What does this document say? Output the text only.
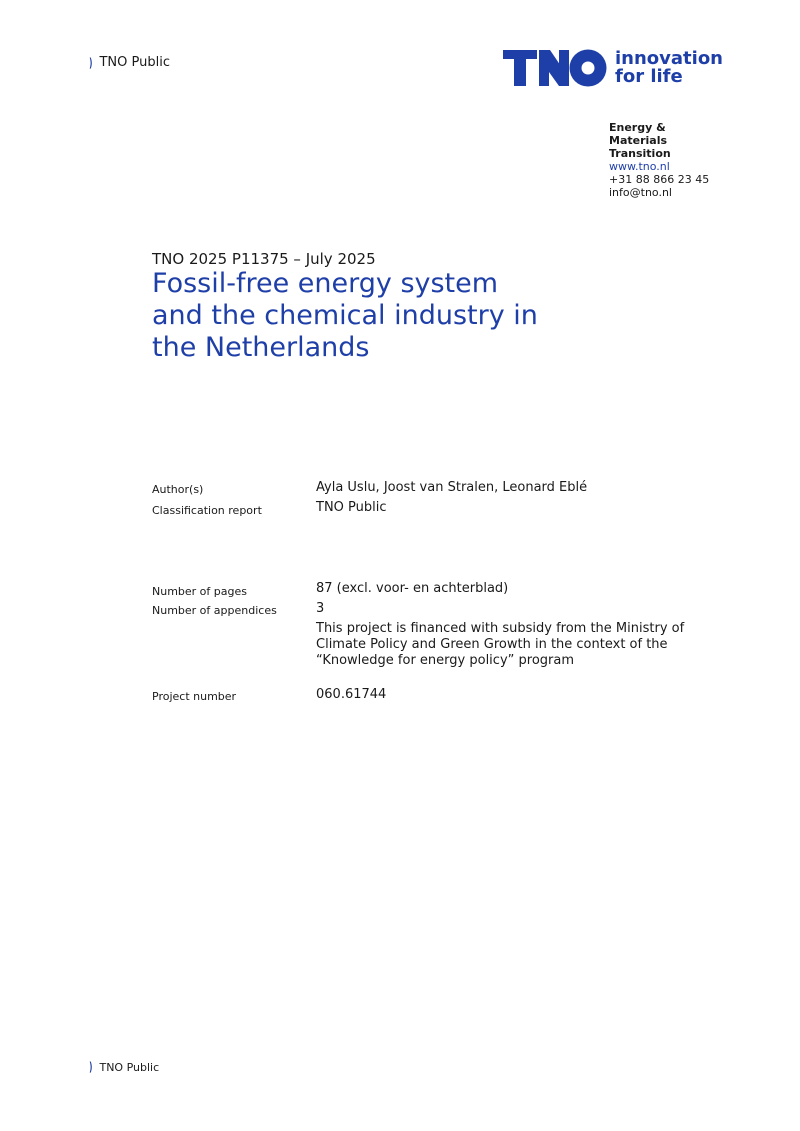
) TNO Public
TNO	innovation
for life
Energy & Materials
Transition
www.tno.nl
+31 88 866 23 45
info@tno.nl
TNO 2025 P11375 – July 2025
Fossil-free energy system and the chemical industry in the Netherlands
Author(s)	Ayla Uslu, Joost van Stralen, Leonard Eblé
Classification report	TNO Public
Number of pages	87 (excl. voor- en achterblad)
Number of appendices	3
This project is financed with subsidy from the Ministry of Climate Policy and Green Growth in the context of the “Knowledge for energy policy” program
Project number	060.61744
) TNO Public
